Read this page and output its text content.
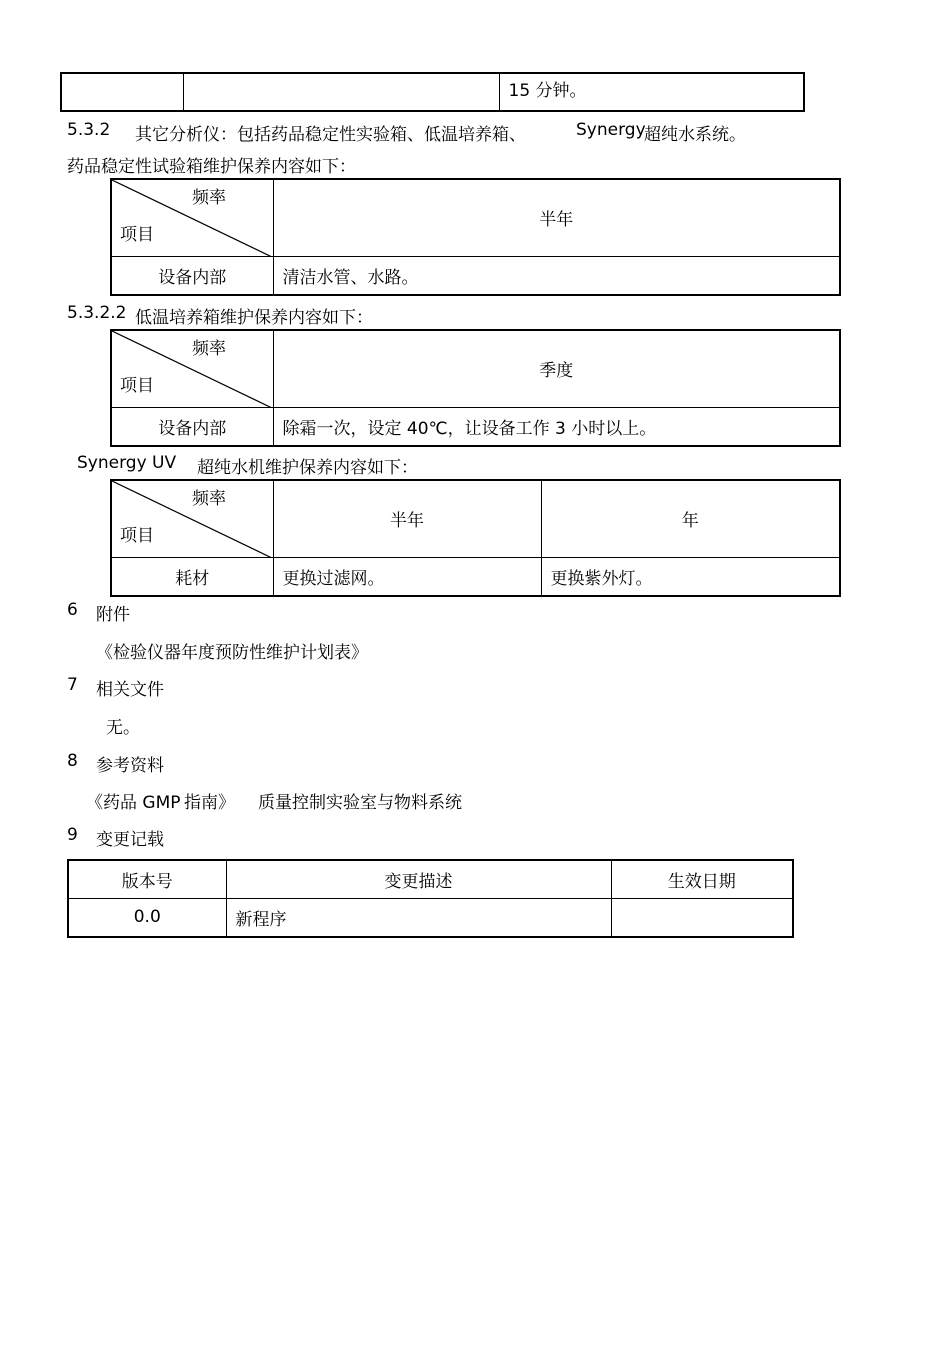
		15 分钟。
5.3.2 其它分析仪：包括药品稳定性实验箱、低温培养箱、	Synergy
超纯水系统。
药品稳定性试验箱维护保养内容如下：
频率
项目	半年
设备内部	清洁水管、水路。
5.3.2.2 低温培养箱维护保养内容如下：
频率
项目	季度
设备内部	除霜一次，设定 40℃，让设备工作 3 小时以上。
Synergy UV 超纯水机维护保养内容如下：
频率
项目	半年	年
耗材	更换过滤网。	更换紫外灯。
6 附件
《检验仪器年度预防性维护计划表》
7 相关文件
无。
8 参考资料
《药品 GMP 指南》 质量控制实验室与物料系统
9 变更记载
版本号	变更描述	生效日期
0.0	新程序	
